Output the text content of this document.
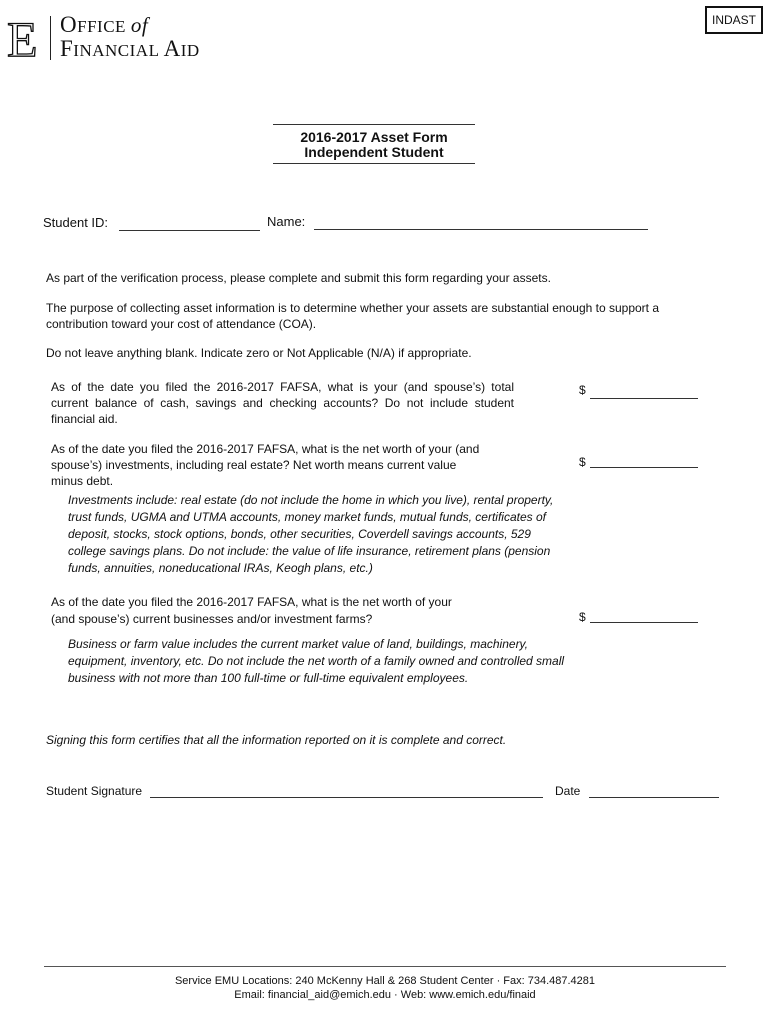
E OFFICE of
FINANCIAL AID
INDAST
2016-2017 Asset Form
Independent Student
Student ID:	Name:
As part of the verification process, please complete and submit this form regarding your assets.
The purpose of collecting asset information is to determine whether your assets are substantial enough to support a contribution toward your cost of attendance (COA).
Do not leave anything blank. Indicate zero or Not Applicable (N/A) if appropriate.
As of the date you filed the 2016-2017 FAFSA, what is your (and spouse’s) total current balance of cash, savings and checking accounts? Do not include student financial aid.
$
As of the date you filed the 2016-2017 FAFSA, what is the net worth of your (and
spouse’s) investments, including real estate? Net worth means current value
minus debt.
$
Investments include: real estate (do not include the home in which you live), rental property, trust funds, UGMA and UTMA accounts, money market funds, mutual funds, certificates of deposit, stocks, stock options, bonds, other securities, Coverdell savings accounts, 529 college savings plans. Do not include: the value of life insurance, retirement plans (pension funds, annuities, noneducational IRAs, Keogh plans, etc.)
As of the date you filed the 2016-2017 FAFSA, what is the net worth of your
(and spouse’s) current businesses and/or investment farms?	$
Business or farm value includes the current market value of land, buildings, machinery, equipment, inventory, etc. Do not include the net worth of a family owned and controlled small business with not more than 100 full-time or full-time equivalent employees.
Signing this form certifies that all the information reported on it is complete and correct.
Student Signature	Date
Service EMU Locations: 240 McKenny Hall & 268 Student Center · Fax: 734.487.4281
Email: financial_aid@emich.edu · Web: www.emich.edu/finaid
